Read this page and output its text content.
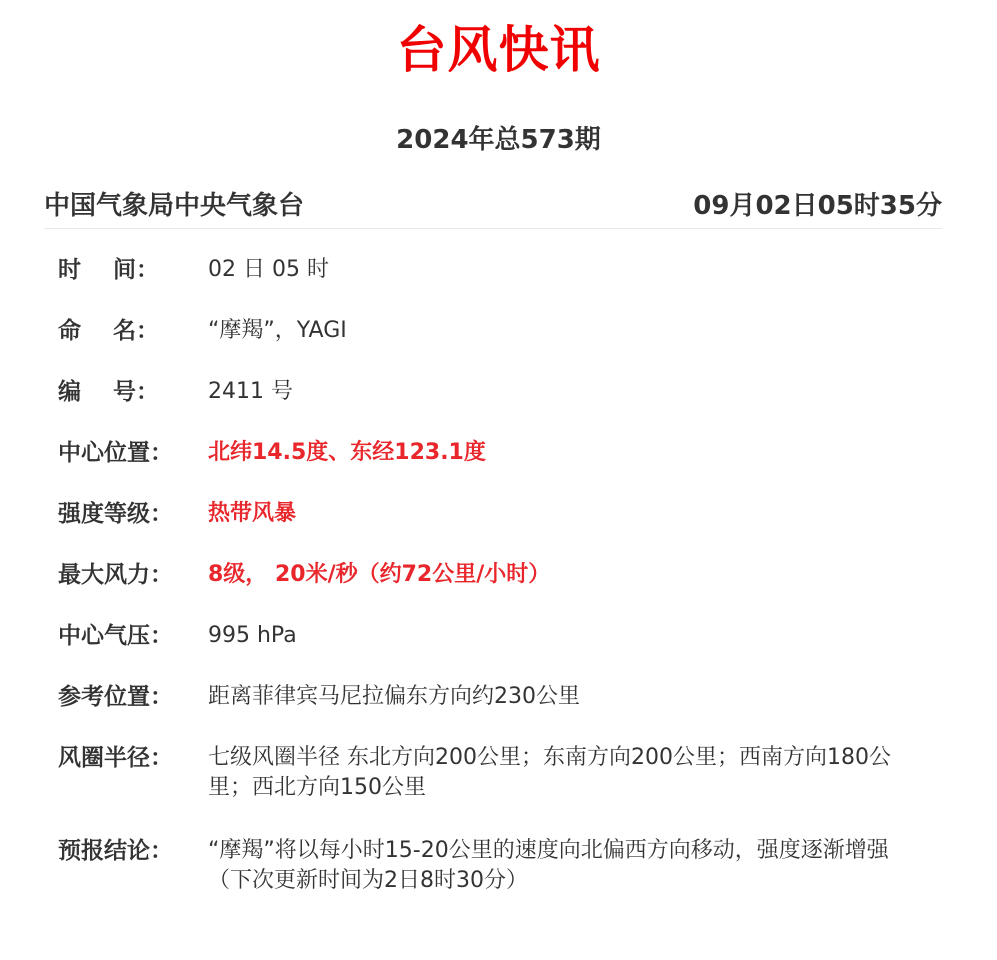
台风快讯
2024年总573期
中国气象局中央气象台	09月02日05时35分
时    间：	02 日 05 时
命    名：	“摩羯”，YAGI
编    号：	2411 号
中心位置：	北纬14.5度、东经123.1度
强度等级：	热带风暴
最大风力：	8级， 20米/秒（约72公里/小时）
中心气压：	995 hPa
参考位置：	距离菲律宾马尼拉偏东方向约230公里
风圈半径：	七级风圈半径 东北方向200公里；东南方向200公里；西南方向180公里；西北方向150公里
预报结论：	“摩羯”将以每小时15-20公里的速度向北偏西方向移动，强度逐渐增强
（下次更新时间为2日8时30分）
